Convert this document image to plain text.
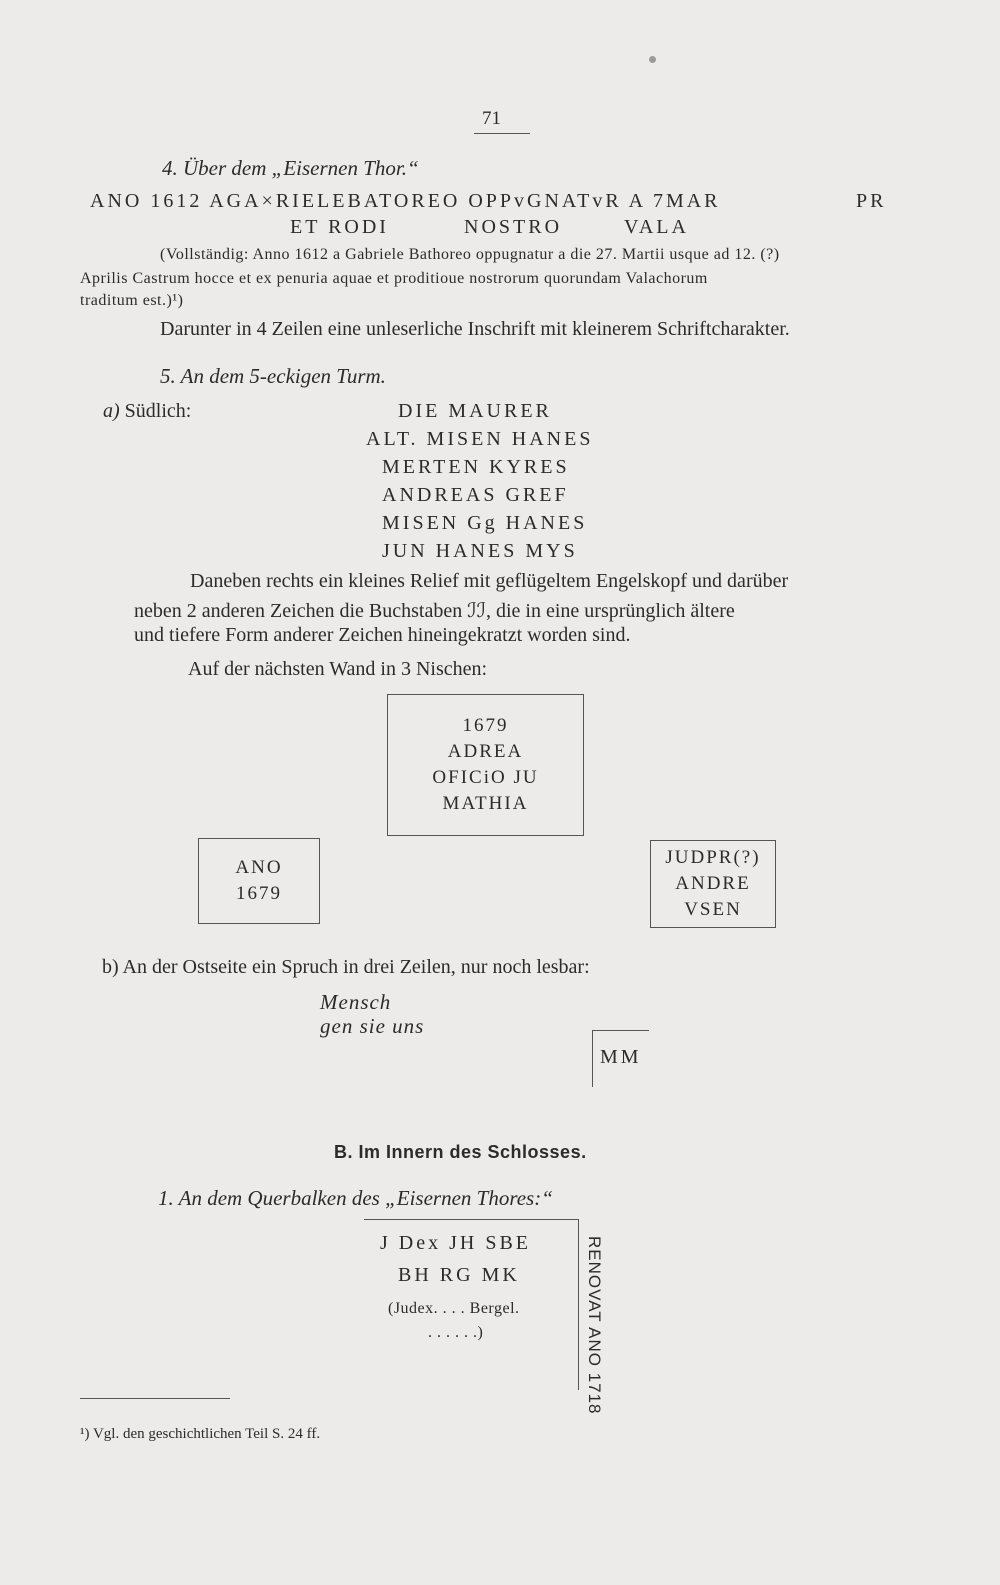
71
4. Über dem „Eisernen Thor.“
ANO 1612 AGA×RIELEBATOREO OPPvGNATvR A 7MAR	PR
ET RODI	NOSTRO	VALA
(Vollständig: Anno 1612 a Gabriele Bathoreo oppugnatur a die 27. Martii usque ad 12. (?)
Aprilis Castrum hocce et ex penuria aquae et proditioue nostrorum quorundam Valachorum
traditum est.)¹)
Darunter in 4 Zeilen eine unleserliche Inschrift mit kleinerem Schriftcharakter.
5. An dem 5-eckigen Turm.
a) Südlich:	DIE MAURER
ALT. MISEN HANES
MERTEN KYRES
ANDREAS GREF
MISEN Gg HANES
JUN HANES MYS
Daneben rechts ein kleines Relief mit geflügeltem Engelskopf und darüber
neben 2 anderen Zeichen die Buchstaben ℐℐ, die in eine ursprünglich ältere
und tiefere Form anderer Zeichen hineingekratzt worden sind.
Auf der nächsten Wand in 3 Nischen:
1679
ADREA
OFICiO JU
MATHIA
ANO
1679
JUDPR(?)
ANDRE
VSEN
b) An der Ostseite ein Spruch in drei Zeilen, nur noch lesbar:
Mensch
gen sie uns
MM
B. Im Innern des Schlosses.
1. An dem Querbalken des „Eisernen Thores:“
J Dex JH SBE
BH RG MK
(Judex. . . . Bergel.
. . . . . .)	RENOVAT ANO 1718
¹) Vgl. den geschichtlichen Teil S. 24 ff.
